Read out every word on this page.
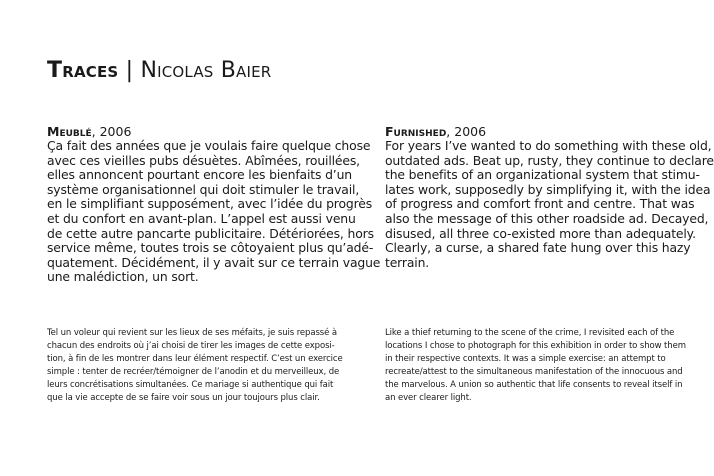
Traces | Nicolas Baier

Meublé, 2006

Ça fait des années que je voulais faire quelque chose
avec ces vieilles pubs désuètes. Abîmées, rouillées,
elles annoncent pourtant encore les bienfaits d’un
système organisationnel qui doit stimuler le travail,
en le simplifiant supposément, avec l’idée du progrès
et du confort en avant-plan. L’appel est aussi venu
de cette autre pancarte publicitaire. Détériorées, hors
service même, toutes trois se côtoyaient plus qu’adé-
quatement. Décidément, il y avait sur ce terrain vague
une malédiction, un sort.

Furnished, 2006

For years I’ve wanted to do something with these old,
outdated ads. Beat up, rusty, they continue to declare
the benefits of an organizational system that stimu-
lates work, supposedly by simplifying it, with the idea
of progress and comfort front and centre. That was
also the message of this other roadside ad. Decayed,
disused, all three co-existed more than adequately.
Clearly, a curse, a shared fate hung over this hazy
terrain.

Tel un voleur qui revient sur les lieux de ses méfaits, je suis repassé à
chacun des endroits où j’ai choisi de tirer les images de cette exposi-
tion, à fin de les montrer dans leur élément respectif. C’est un exercice
simple : tenter de recréer/témoigner de l’anodin et du merveilleux, de
leurs concrétisations simultanées. Ce mariage si authentique qui fait
que la vie accepte de se faire voir sous un jour toujours plus clair.

Like a thief returning to the scene of the crime, I revisited each of the
locations I chose to photograph for this exhibition in order to show them
in their respective contexts. It was a simple exercise: an attempt to
recreate/attest to the simultaneous manifestation of the innocuous and
the marvelous. A union so authentic that life consents to reveal itself in
an ever clearer light.
